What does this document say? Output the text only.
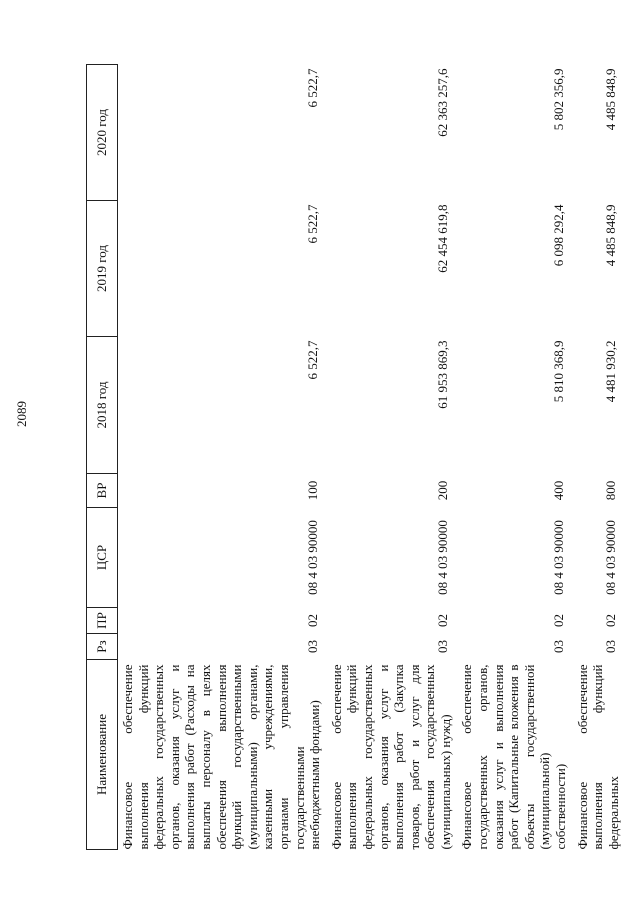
2089
Наименование	Рз	ПР	ЦСР	ВР	2018 год	2019 год	2020 год
Финансовое обеспечение выполнения функций федеральных государственных органов, оказания услуг и выполнения работ (Расходы на выплаты персоналу в целях обеспечения выполнения функций государственными (муниципальными) органами, казенными учреждениями, органами управления государственными внебюджетными фондами)	03	02	08 4 03 90000	100	6 522,7	6 522,7	6 522,7
Финансовое обеспечение выполнения функций федеральных государственных органов, оказания услуг и выполнения работ (Закупка товаров, работ и услуг для обеспечения государственных (муниципальных) нужд)	03	02	08 4 03 90000	200	61 953 869,3	62 454 619,8	62 363 257,6
Финансовое обеспечение государственных органов, оказания услуг и выполнения работ (Капитальные вложения в объекты государственной (муниципальной) собственности)	03	02	08 4 03 90000	400	5 810 368,9	6 098 292,4	5 802 356,9
Финансовое обеспечение выполнения функций федеральных	03	02	08 4 03 90000	800	4 481 930,2	4 485 848,9	4 485 848,9
